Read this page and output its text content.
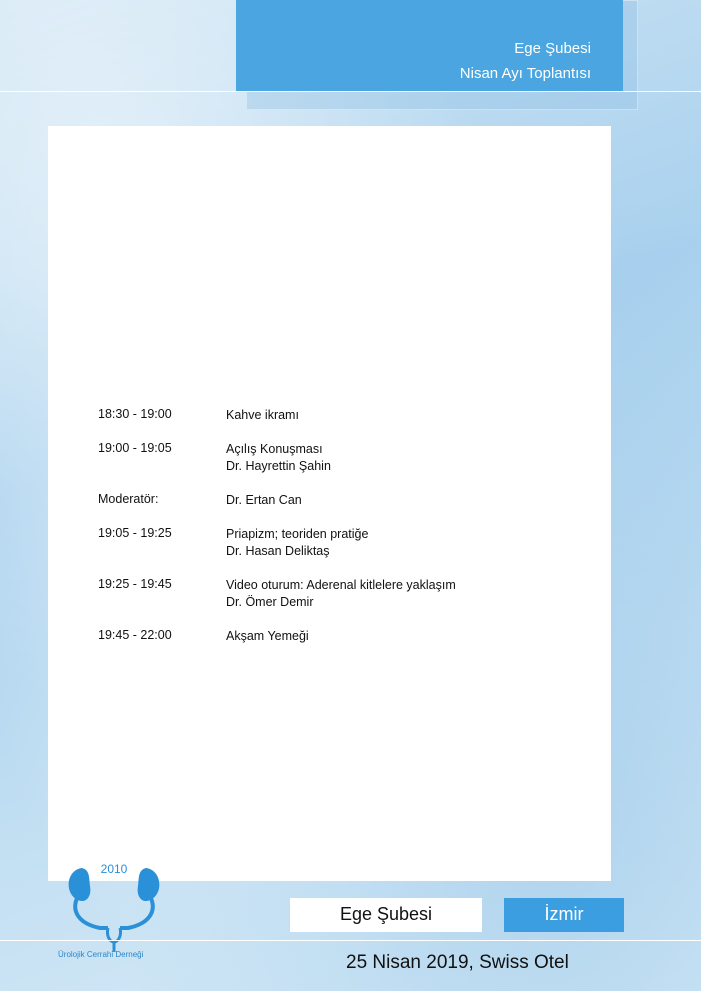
Ege Şubesi
Nisan Ayı Toplantısı
18:30 - 19:00	Kahve ikramı
19:00 - 19:05	Açılış Konuşması
Dr. Hayrettin Şahin
Moderatör:	Dr. Ertan Can
19:05 - 19:25	Priapizm; teoriden pratiğe
Dr. Hasan Deliktaş
19:25 - 19:45	Video oturum: Aderenal kitlelere yaklaşım
Dr. Ömer Demir
19:45 - 22:00	Akşam Yemeği
2010
Ürolojik Cerrahi Derneği
Ege Şubesi	İzmir
25 Nisan 2019, Swiss Otel
